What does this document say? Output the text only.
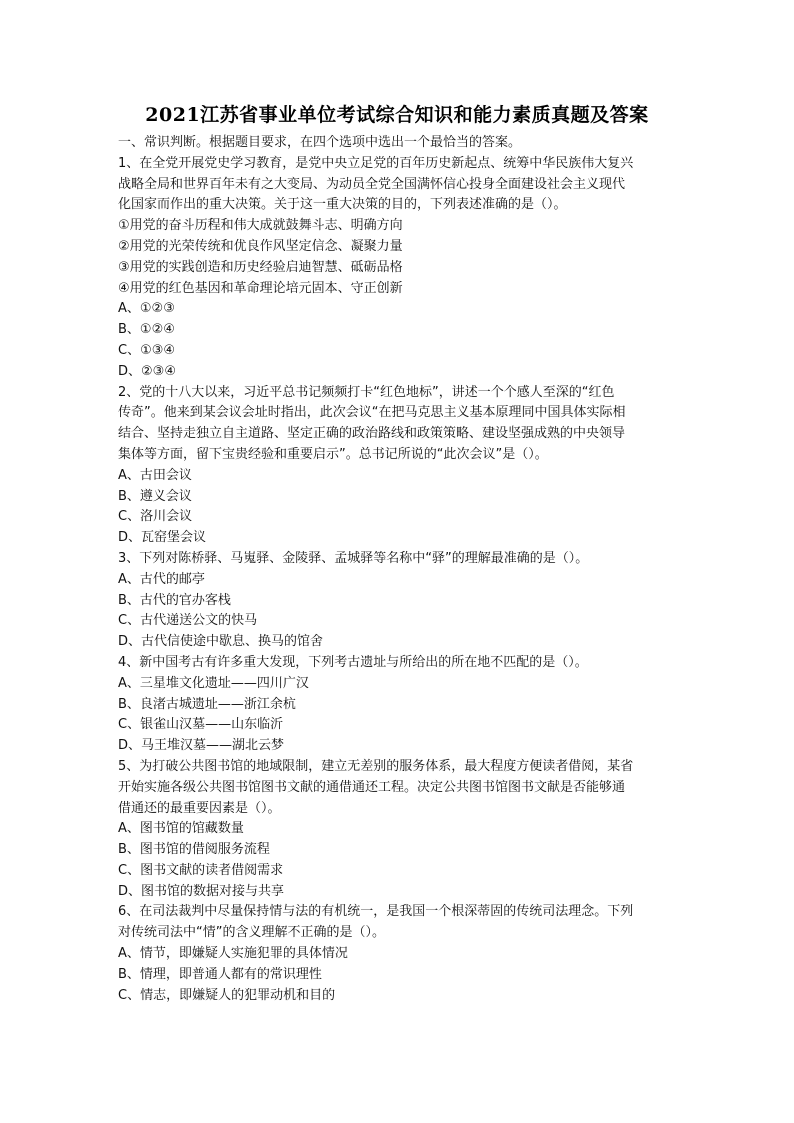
2021江苏省事业单位考试综合知识和能力素质真题及答案
一、常识判断。根据题目要求，在四个选项中选出一个最恰当的答案。
1、在全党开展党史学习教育，是党中央立足党的百年历史新起点、统筹中华民族伟大复兴
战略全局和世界百年未有之大变局、为动员全党全国满怀信心投身全面建设社会主义现代
化国家而作出的重大决策。关于这一重大决策的目的，下列表述准确的是（）。
①用党的奋斗历程和伟大成就鼓舞斗志、明确方向
②用党的光荣传统和优良作风坚定信念、凝聚力量
③用党的实践创造和历史经验启迪智慧、砥砺品格
④用党的红色基因和革命理论培元固本、守正创新
A、①②③
B、①②④
C、①③④
D、②③④
2、党的十八大以来，习近平总书记频频打卡“红色地标”，讲述一个个感人至深的“红色
传奇”。他来到某会议会址时指出，此次会议“在把马克思主义基本原理同中国具体实际相
结合、坚持走独立自主道路、坚定正确的政治路线和政策策略、建设坚强成熟的中央领导
集体等方面，留下宝贵经验和重要启示”。总书记所说的“此次会议”是（）。
A、古田会议
B、遵义会议
C、洛川会议
D、瓦窑堡会议
3、下列对陈桥驿、马嵬驿、金陵驿、孟城驿等名称中“驿”的理解最准确的是（）。
A、古代的邮亭
B、古代的官办客栈
C、古代递送公文的快马
D、古代信使途中歇息、换马的馆舍
4、新中国考古有许多重大发现，下列考古遗址与所给出的所在地不匹配的是（）。
A、三星堆文化遗址——四川广汉
B、良渚古城遗址——浙江余杭
C、银雀山汉墓——山东临沂
D、马王堆汉墓——湖北云梦
5、为打破公共图书馆的地域限制，建立无差别的服务体系，最大程度方便读者借阅，某省
开始实施各级公共图书馆图书文献的通借通还工程。决定公共图书馆图书文献是否能够通
借通还的最重要因素是（）。
A、图书馆的馆藏数量
B、图书馆的借阅服务流程
C、图书文献的读者借阅需求
D、图书馆的数据对接与共享
6、在司法裁判中尽量保持情与法的有机统一，是我国一个根深蒂固的传统司法理念。下列
对传统司法中“情”的含义理解不正确的是（）。
A、情节，即嫌疑人实施犯罪的具体情况
B、情理，即普通人都有的常识理性
C、情志，即嫌疑人的犯罪动机和目的
